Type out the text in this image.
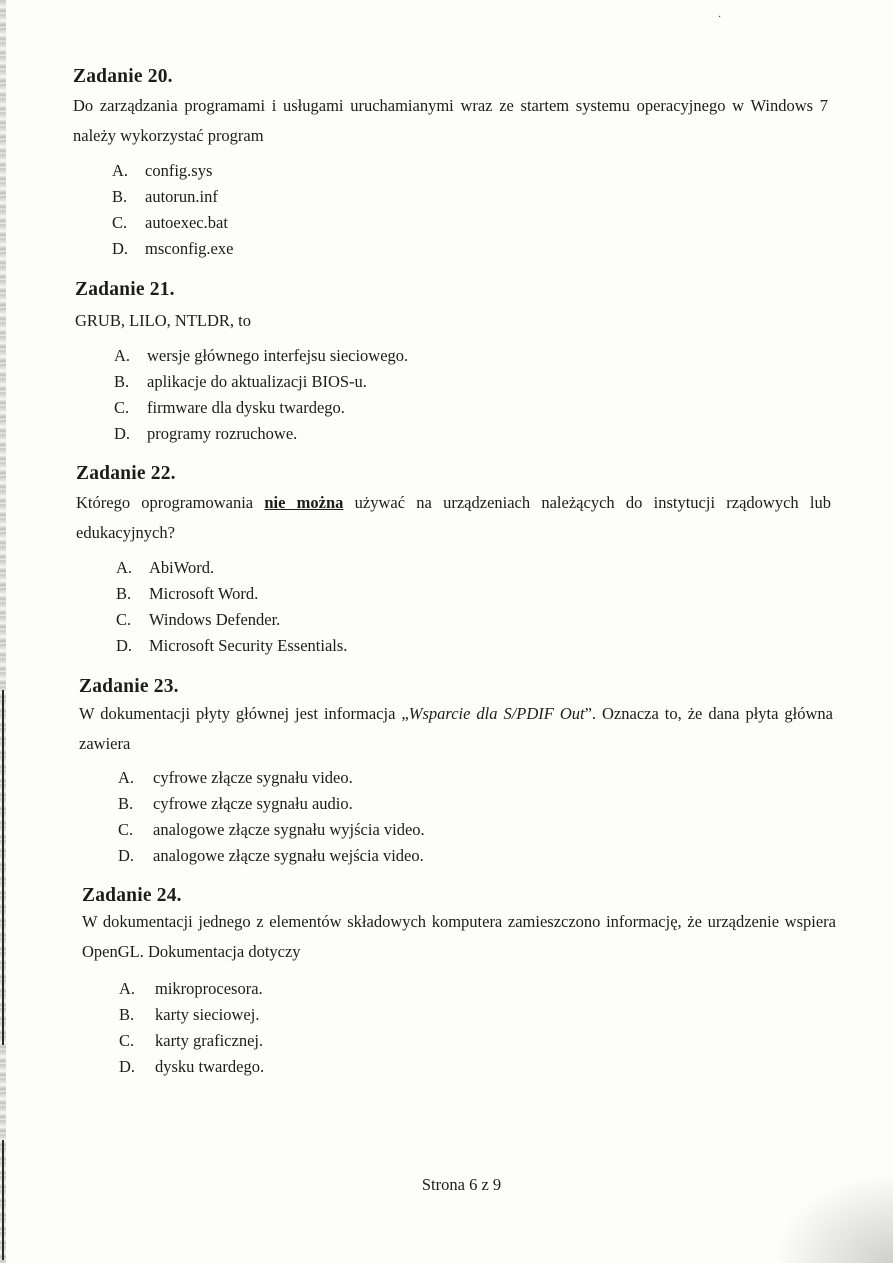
·
Zadanie 20.

Do zarządzania programami i usługami uruchamianymi wraz ze startem systemu operacyjnego w Windows 7 należy wykorzystać program

A. config.sys
B. autorun.inf
C. autoexec.bat
D. msconfig.exe
Zadanie 21.

GRUB, LILO, NTLDR, to

A. wersje głównego interfejsu sieciowego.
B. aplikacje do aktualizacji BIOS-u.
C. firmware dla dysku twardego.
D. programy rozruchowe.
Zadanie 22.

Którego oprogramowania nie można używać na urządzeniach należących do instytucji rządowych lub edukacyjnych?

A. AbiWord.
B. Microsoft Word.
C. Windows Defender.
D. Microsoft Security Essentials.
Zadanie 23.

W dokumentacji płyty głównej jest informacja „Wsparcie dla S/PDIF Out”. Oznacza to, że dana płyta główna zawiera

A. cyfrowe złącze sygnału video.
B. cyfrowe złącze sygnału audio.
C. analogowe złącze sygnału wyjścia video.
D. analogowe złącze sygnału wejścia video.
Zadanie 24.

W dokumentacji jednego z elementów składowych komputera zamieszczono informację, że urządzenie wspiera OpenGL. Dokumentacja dotyczy

A. mikroprocesora.
B. karty sieciowej.
C. karty graficznej.
D. dysku twardego.
Strona 6 z 9
